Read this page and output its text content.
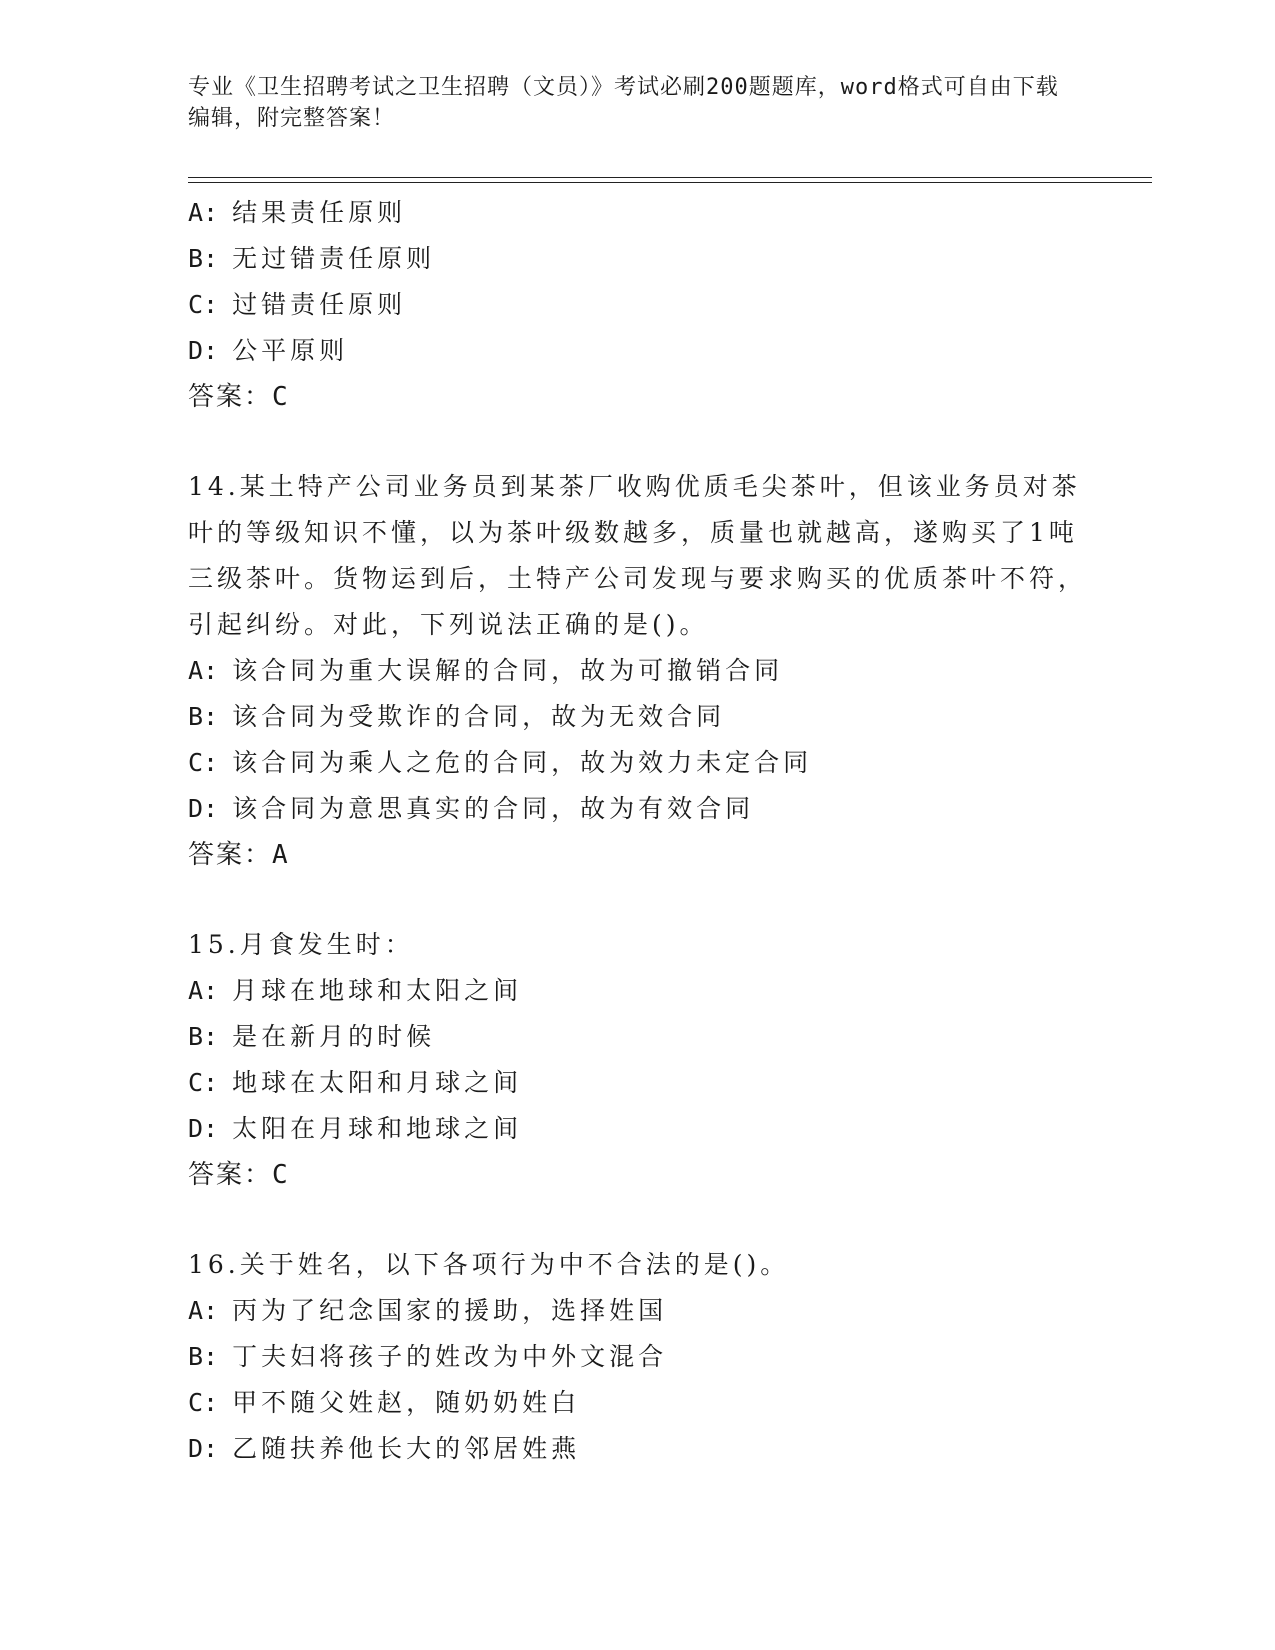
专业《卫生招聘考试之卫生招聘（文员）》考试必刷200题题库，word格式可自由下载编辑，附完整答案！
A: 结果责任原则
B: 无过错责任原则
C: 过错责任原则
D: 公平原则
答案：C
14.某土特产公司业务员到某茶厂收购优质毛尖茶叶，但该业务员对茶叶的等级知识不懂，以为茶叶级数越多，质量也就越高，遂购买了1吨三级茶叶。货物运到后，土特产公司发现与要求购买的优质茶叶不符，引起纠纷。对此，下列说法正确的是()。
A: 该合同为重大误解的合同，故为可撤销合同
B: 该合同为受欺诈的合同，故为无效合同
C: 该合同为乘人之危的合同，故为效力未定合同
D: 该合同为意思真实的合同，故为有效合同
答案：A
15.月食发生时：
A: 月球在地球和太阳之间
B: 是在新月的时候
C: 地球在太阳和月球之间
D: 太阳在月球和地球之间
答案：C
16.关于姓名，以下各项行为中不合法的是()。
A: 丙为了纪念国家的援助，选择姓国
B: 丁夫妇将孩子的姓改为中外文混合
C: 甲不随父姓赵，随奶奶姓白
D: 乙随扶养他长大的邻居姓燕
